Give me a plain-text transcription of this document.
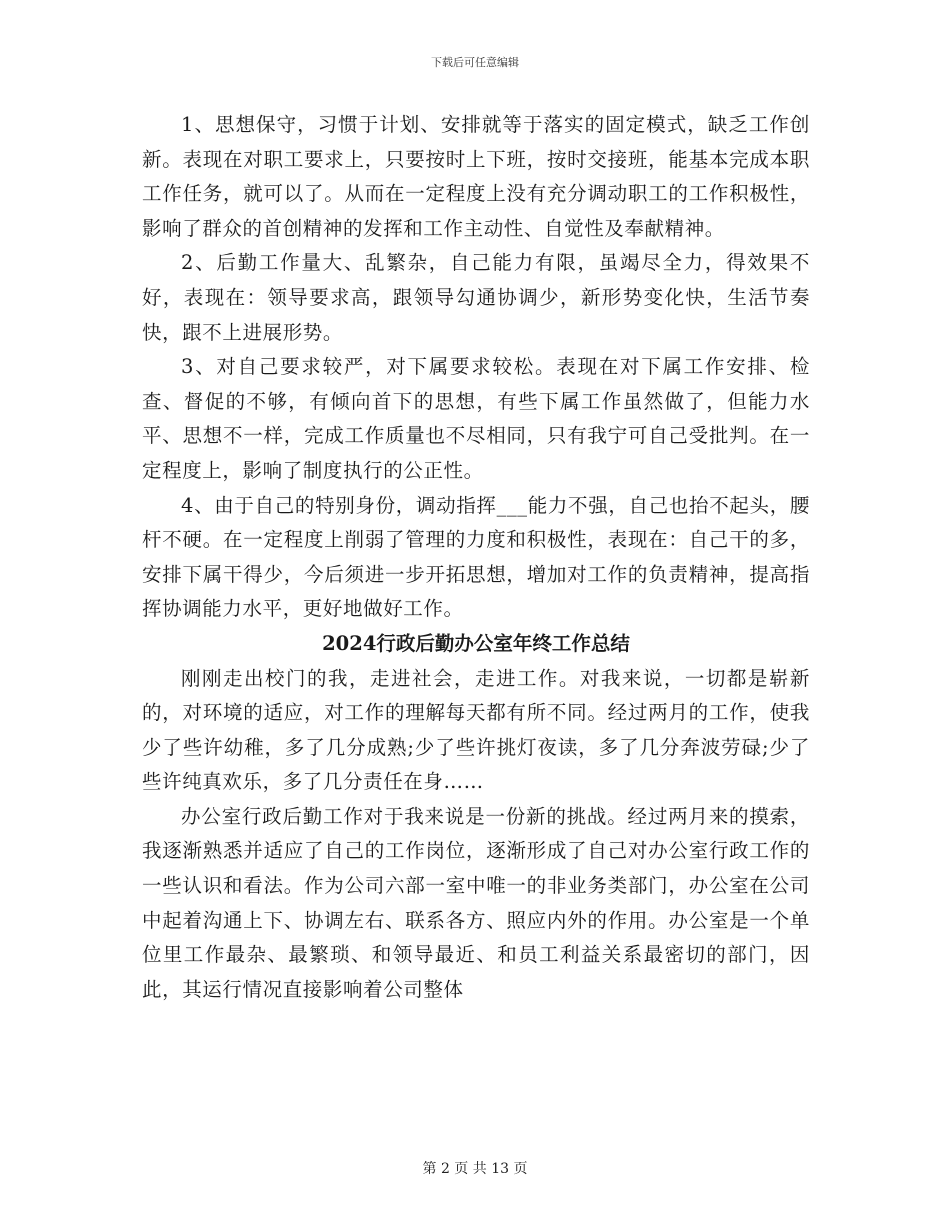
下载后可任意编辑

1、思想保守，习惯于计划、安排就等于落实的固定模式，缺乏工作创新。表现在对职工要求上，只要按时上下班，按时交接班，能基本完成本职工作任务，就可以了。从而在一定程度上没有充分调动职工的工作积极性，影响了群众的首创精神的发挥和工作主动性、自觉性及奉献精神。

2、后勤工作量大、乱繁杂，自己能力有限，虽竭尽全力，得效果不好，表现在：领导要求高，跟领导勾通协调少，新形势变化快，生活节奏快，跟不上进展形势。

3、对自己要求较严，对下属要求较松。表现在对下属工作安排、检查、督促的不够，有倾向首下的思想，有些下属工作虽然做了，但能力水平、思想不一样，完成工作质量也不尽相同，只有我宁可自己受批判。在一定程度上，影响了制度执行的公正性。

4、由于自己的特别身份，调动指挥___能力不强，自己也抬不起头，腰杆不硬。在一定程度上削弱了管理的力度和积极性，表现在：自己干的多，安排下属干得少，今后须进一步开拓思想，增加对工作的负责精神，提高指挥协调能力水平，更好地做好工作。

2024行政后勤办公室年终工作总结

刚刚走出校门的我，走进社会，走进工作。对我来说，一切都是崭新的，对环境的适应，对工作的理解每天都有所不同。经过两月的工作，使我少了些许幼稚，多了几分成熟;少了些许挑灯夜读，多了几分奔波劳碌;少了些许纯真欢乐，多了几分责任在身……

办公室行政后勤工作对于我来说是一份新的挑战。经过两月来的摸索，我逐渐熟悉并适应了自己的工作岗位，逐渐形成了自己对办公室行政工作的一些认识和看法。作为公司六部一室中唯一的非业务类部门，办公室在公司中起着沟通上下、协调左右、联系各方、照应内外的作用。办公室是一个单位里工作最杂、最繁琐、和领导最近、和员工利益关系最密切的部门，因此，其运行情况直接影响着公司整体

第 2 页 共 13 页
